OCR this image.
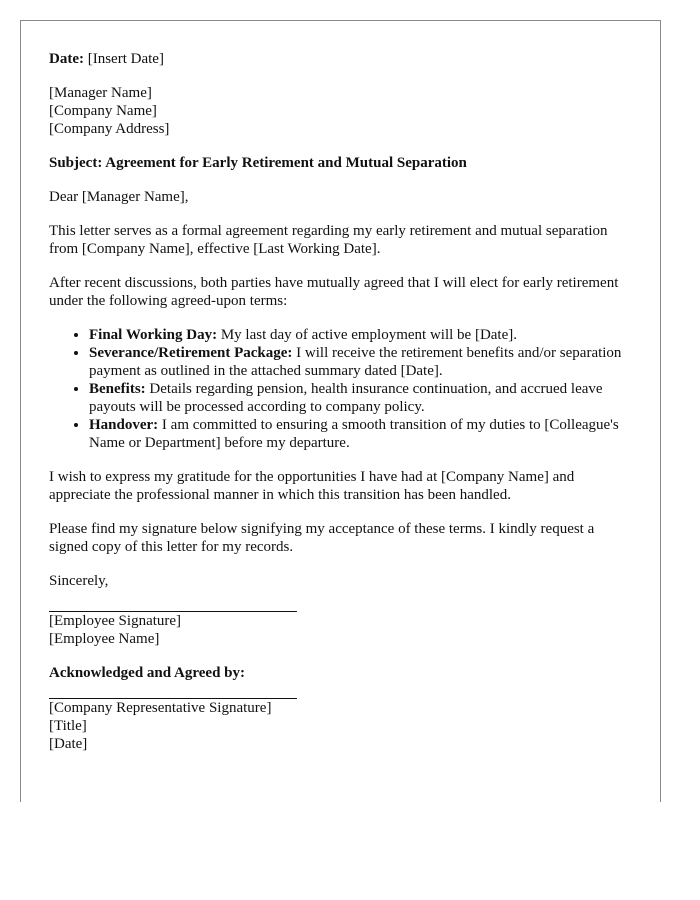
Date: [Insert Date]

[Manager Name]

[Company Name]

[Company Address]

Subject: Agreement for Early Retirement and Mutual Separation

Dear [Manager Name],

This letter serves as a formal agreement regarding my early retirement and mutual separation from [Company Name], effective [Last Working Date].

After recent discussions, both parties have mutually agreed that I will elect for early retirement under the following agreed-upon terms:

• Final Working Day: My last day of active employment will be [Date].
• Severance/Retirement Package: I will receive the retirement benefits and/or separation payment as outlined in the attached summary dated [Date].
• Benefits: Details regarding pension, health insurance continuation, and accrued leave payouts will be processed according to company policy.
• Handover: I am committed to ensuring a smooth transition of my duties to [Colleague's Name or Department] before my departure.

I wish to express my gratitude for the opportunities I have had at [Company Name] and appreciate the professional manner in which this transition has been handled.

Please find my signature below signifying my acceptance of these terms. I kindly request a signed copy of this letter for my records.

Sincerely,

[Employee Signature]
[Employee Name]

Acknowledged and Agreed by:

[Company Representative Signature]
[Title]
[Date]
